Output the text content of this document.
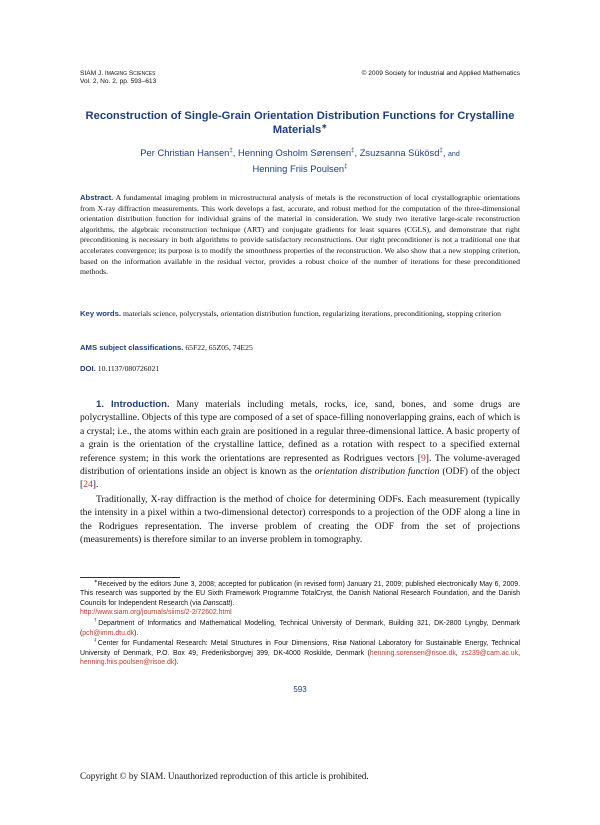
SIAM J. Imaging Sciences
Vol. 2, No. 2, pp. 593–613
© 2009 Society for Industrial and Applied Mathematics
Reconstruction of Single-Grain Orientation Distribution Functions for Crystalline Materials∗
Per Christian Hansen‡, Henning Osholm Sørensen‡, Zsuzsanna Sükösd‡, and
Henning Friis Poulsen‡
Abstract. A fundamental imaging problem in microstructural analysis of metals is the reconstruction of local crystallographic orientations from X-ray diffraction measurements. This work develops a fast, accurate, and robust method for the computation of the three-dimensional orientation distribution function for individual grains of the material in consideration. We study two iterative large-scale reconstruction algorithms, the algebraic reconstruction technique (ART) and conjugate gradients for least squares (CGLS), and demonstrate that right preconditioning is necessary in both algorithms to provide satisfactory reconstructions. Our right preconditioner is not a traditional one that accelerates convergence; its purpose is to modify the smoothness properties of the reconstruction. We also show that a new stopping criterion, based on the information available in the residual vector, provides a robust choice of the number of iterations for these preconditioned methods.
Key words. materials science, polycrystals, orientation distribution function, regularizing iterations, preconditioning, stopping criterion
AMS subject classifications. 65F22, 65Z05, 74E25
DOI. 10.1137/080726021

1. Introduction. Many materials including metals, rocks, ice, sand, bones, and some drugs are polycrystalline. Objects of this type are composed of a set of space-filling nonoverlapping grains, each of which is a crystal; i.e., the atoms within each grain are positioned in a regular three-dimensional lattice. A basic property of a grain is the orientation of the crystalline lattice, defined as a rotation with respect to a specified external reference system; in this work the orientations are represented as Rodrigues vectors [9]. The volume-averaged distribution of orientations inside an object is known as the orientation distribution function (ODF) of the object [24].

Traditionally, X-ray diffraction is the method of choice for determining ODFs. Each measurement (typically the intensity in a pixel within a two-dimensional detector) corresponds to a projection of the ODF along a line in the Rodrigues representation. The inverse problem of creating the ODF from the set of projections (measurements) is therefore similar to an inverse problem in tomography.

∗Received by the editors June 3, 2008; accepted for publication (in revised form) January 21, 2009; published electronically May 6, 2009. This research was supported by the EU Sixth Framework Programme TotalCryst, the Danish National Research Foundation, and the Danish Councils for Independent Research (via Danscatt).
http://www.siam.org/journals/siims/2-2/72602.html

†Department of Informatics and Mathematical Modelling, Technical University of Denmark, Building 321, DK-2800 Lyngby, Denmark (pch@imm.dtu.dk).

‡Center for Fundamental Research: Metal Structures in Four Dimensions, Risø National Laboratory for Sustainable Energy, Technical University of Denmark, P.O. Box 49, Frederiksborgvej 399, DK-4000 Roskilde, Denmark (henning.sorensen@risoe.dk, zs239@cam.ac.uk, henning.friis.poulsen@risoe.dk).

593
Copyright © by SIAM. Unauthorized reproduction of this article is prohibited.
